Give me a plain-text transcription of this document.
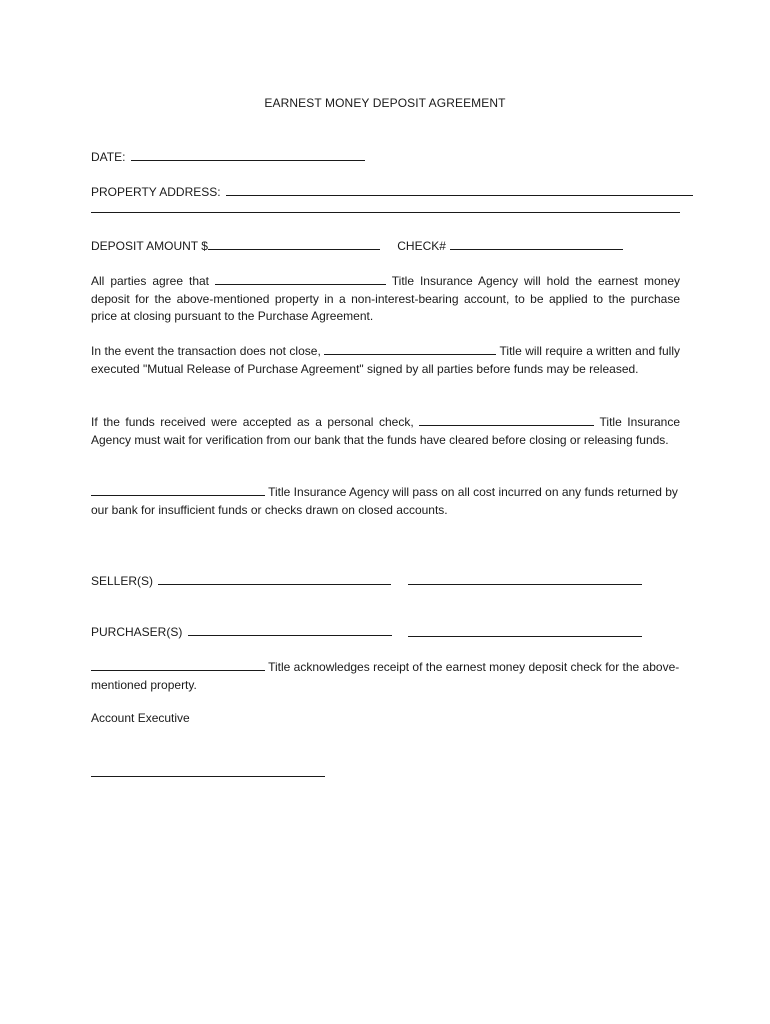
EARNEST MONEY DEPOSIT AGREEMENT
DATE:
PROPERTY ADDRESS:
DEPOSIT AMOUNT $	CHECK#
All parties agree that	Title Insurance Agency will hold the earnest money deposit for the above-mentioned property in a non-interest-bearing account, to be applied to the purchase price at closing pursuant to the Purchase Agreement.
In the event the transaction does not close,	Title will require a written and fully executed "Mutual Release of Purchase Agreement" signed by all parties before funds may be released.
If the funds received were accepted as a personal check,	Title Insurance Agency must wait for verification from our bank that the funds have cleared before closing or releasing funds.
Title Insurance Agency will pass on all cost incurred on any funds returned by our bank for insufficient funds or checks drawn on closed accounts.
SELLER(S)
PURCHASER(S)
Title acknowledges receipt of the earnest money deposit check for the above-mentioned property.
Account Executive
